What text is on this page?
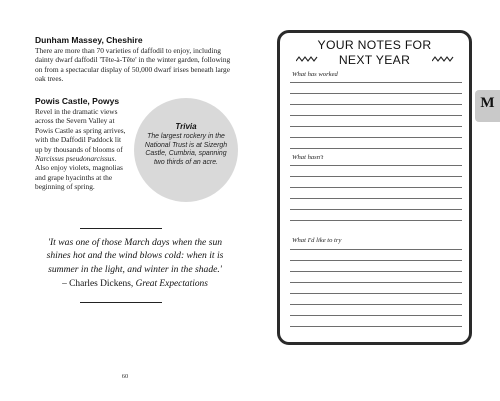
Dunham Massey, Cheshire
There are more than 70 varieties of daffodil to enjoy, including dainty dwarf daffodil 'Tête-à-Tête' in the winter garden, following on from a spectacular display of 50,000 dwarf irises beneath large oak trees.
Powis Castle, Powys
Revel in the dramatic views across the Severn Valley at Powis Castle as spring arrives, with the Daffodil Paddock lit up by thousands of blooms of Narcissus pseudonarcissus. Also enjoy violets, magnolias and grape hyacinths at the beginning of spring.
Trivia
The largest rockery in the National Trust is at Sizergh Castle, Cumbria, spanning two thirds of an acre.
'It was one of those March days when the sun shines hot and the wind blows cold: when it is summer in the light, and winter in the shade.'
– Charles Dickens, Great Expectations
60
YOUR NOTES FOR
NEXT YEAR
What has worked
What hasn't
What I'd like to try
M
